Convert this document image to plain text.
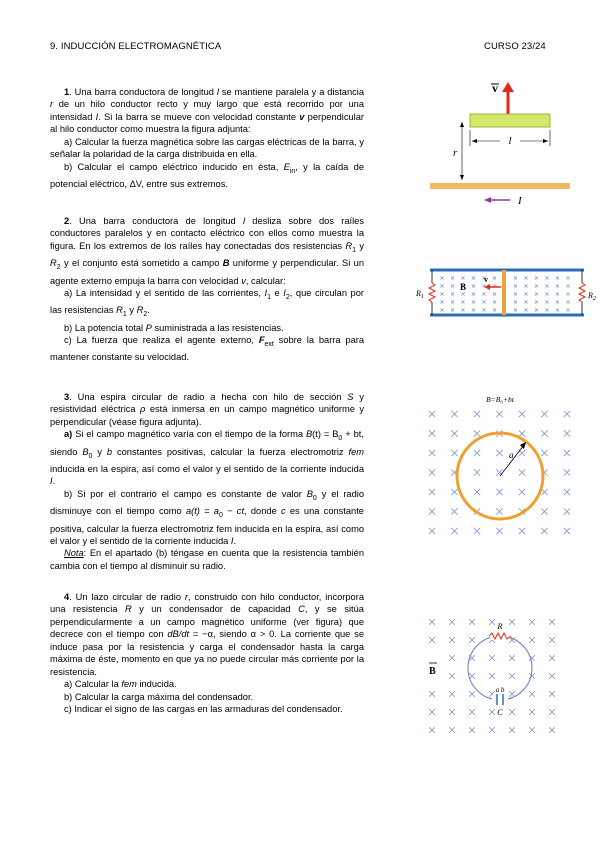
9. INDUCCIÓN ELECTROMAGNÉTICA	CURSO 23/24

1. Una barra conductora de longitud l se mantiene paralela y a distancia r de un hilo conductor recto y muy largo que está recorrido por una intensidad I. Si la barra se mueve con velocidad constante v perpendicular al hilo conductor como muestra la figura adjunta:

a) Calcular la fuerza magnética sobre las cargas eléctricas de la barra, y señalar la polaridad de la carga distribuida en ella.

b) Calcular el campo eléctrico inducido en ésta, $E_{in}$, y la caída de potencial eléctrico, ΔV, entre sus extremos.

2. Una barra conductora de longitud l desliza sobre dos raíles conductores paralelos y en contacto eléctrico con ellos como muestra la figura. En los extremos de los raíles hay conectadas dos resistencias $R_1$ y $R_2$ y el conjunto está sometido a campo B uniforme y perpendicular. Si un agente externo empuja la barra con velocidad v, calcular:

a) La intensidad y el sentido de las corrientes, $I_1$ e $I_2$, que circulan por las resistencias $R_1$ y $R_2$.

b) La potencia total P suministrada a las resistencias.

c) La fuerza que realiza el agente externo, $F_{ext}$ sobre la barra para mantener constante su velocidad.

3. Una espira circular de radio a hecha con hilo de sección S y resistividad eléctrica ρ está inmersa en un campo magnético uniforme y perpendicular (véase figura adjunta).

a) Si el campo magnético varía con el tiempo de la forma $B(t) = B_0$ + bt, siendo $B_0$ y b constantes positivas, calcular la fuerza electromotriz fem inducida en la espira, así como el valor y el sentido de la corriente inducida I.

b) Si por el contrario el campo es constante de valor $B_0$ y el radio disminuye con el tiempo como $a(t) = a_0$ − ct, donde c es una constante positiva, calcular la fuerza electromotriz fem inducida en la espira, así como el valor y el sentido de la corriente inducida I.

Nota: En el apartado (b) téngase en cuenta que la resistencia también cambia con el tiempo al disminuir su radio.

4. Un lazo circular de radio r, construido con hilo conductor, incorpora una resistencia R y un condensador de capacidad C, y se sitúa perpendicularmente a un campo magnético uniforme (ver figura) que decrece con el tiempo con dB/dt = −α, siendo α > 0. La corriente que se induce pasa por la resistencia y carga el condensador hasta la carga máxima de éste, momento en que ya no puede circular más corriente por la resistencia.

a) Calcular la fem inducida.

b) Calcular la carga máxima del condensador.

c) Indicar el signo de las cargas en las armaduras del condensador.

v
l
r
I
$R_1$	$R_2$
B
v
B=B₀+bt
a
R
a b
C
B
